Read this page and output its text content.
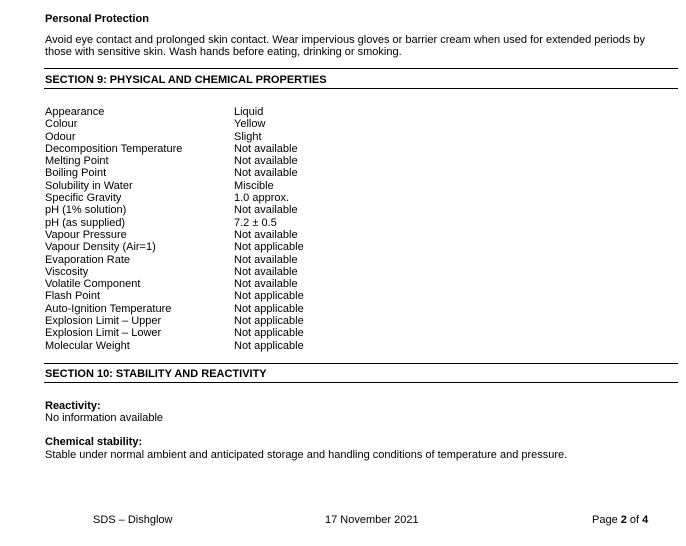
Personal Protection
Avoid eye contact and prolonged skin contact. Wear impervious gloves or barrier cream when used for extended periods by
those with sensitive skin. Wash hands before eating, drinking or smoking.
SECTION 9: PHYSICAL AND CHEMICAL PROPERTIES
Appearance	Liquid
Colour	Yellow
Odour	Slight
Decomposition Temperature	Not available
Melting Point	Not available
Boiling Point	Not available
Solubility in Water	Miscible
Specific Gravity	1.0 approx.
pH (1% solution)	Not available
pH (as supplied)	7.2 ± 0.5
Vapour Pressure	Not available
Vapour Density (Air=1)	Not applicable
Evaporation Rate	Not available
Viscosity	Not available
Volatile Component	Not available
Flash Point	Not applicable
Auto-Ignition Temperature	Not applicable
Explosion Limit – Upper	Not applicable
Explosion Limit – Lower	Not applicable
Molecular Weight	Not applicable
SECTION 10: STABILITY AND REACTIVITY
Reactivity:
No information available
Chemical stability:
Stable under normal ambient and anticipated storage and handling conditions of temperature and pressure.
SDS – Dishglow	17 November 2021	Page 2 of 4
